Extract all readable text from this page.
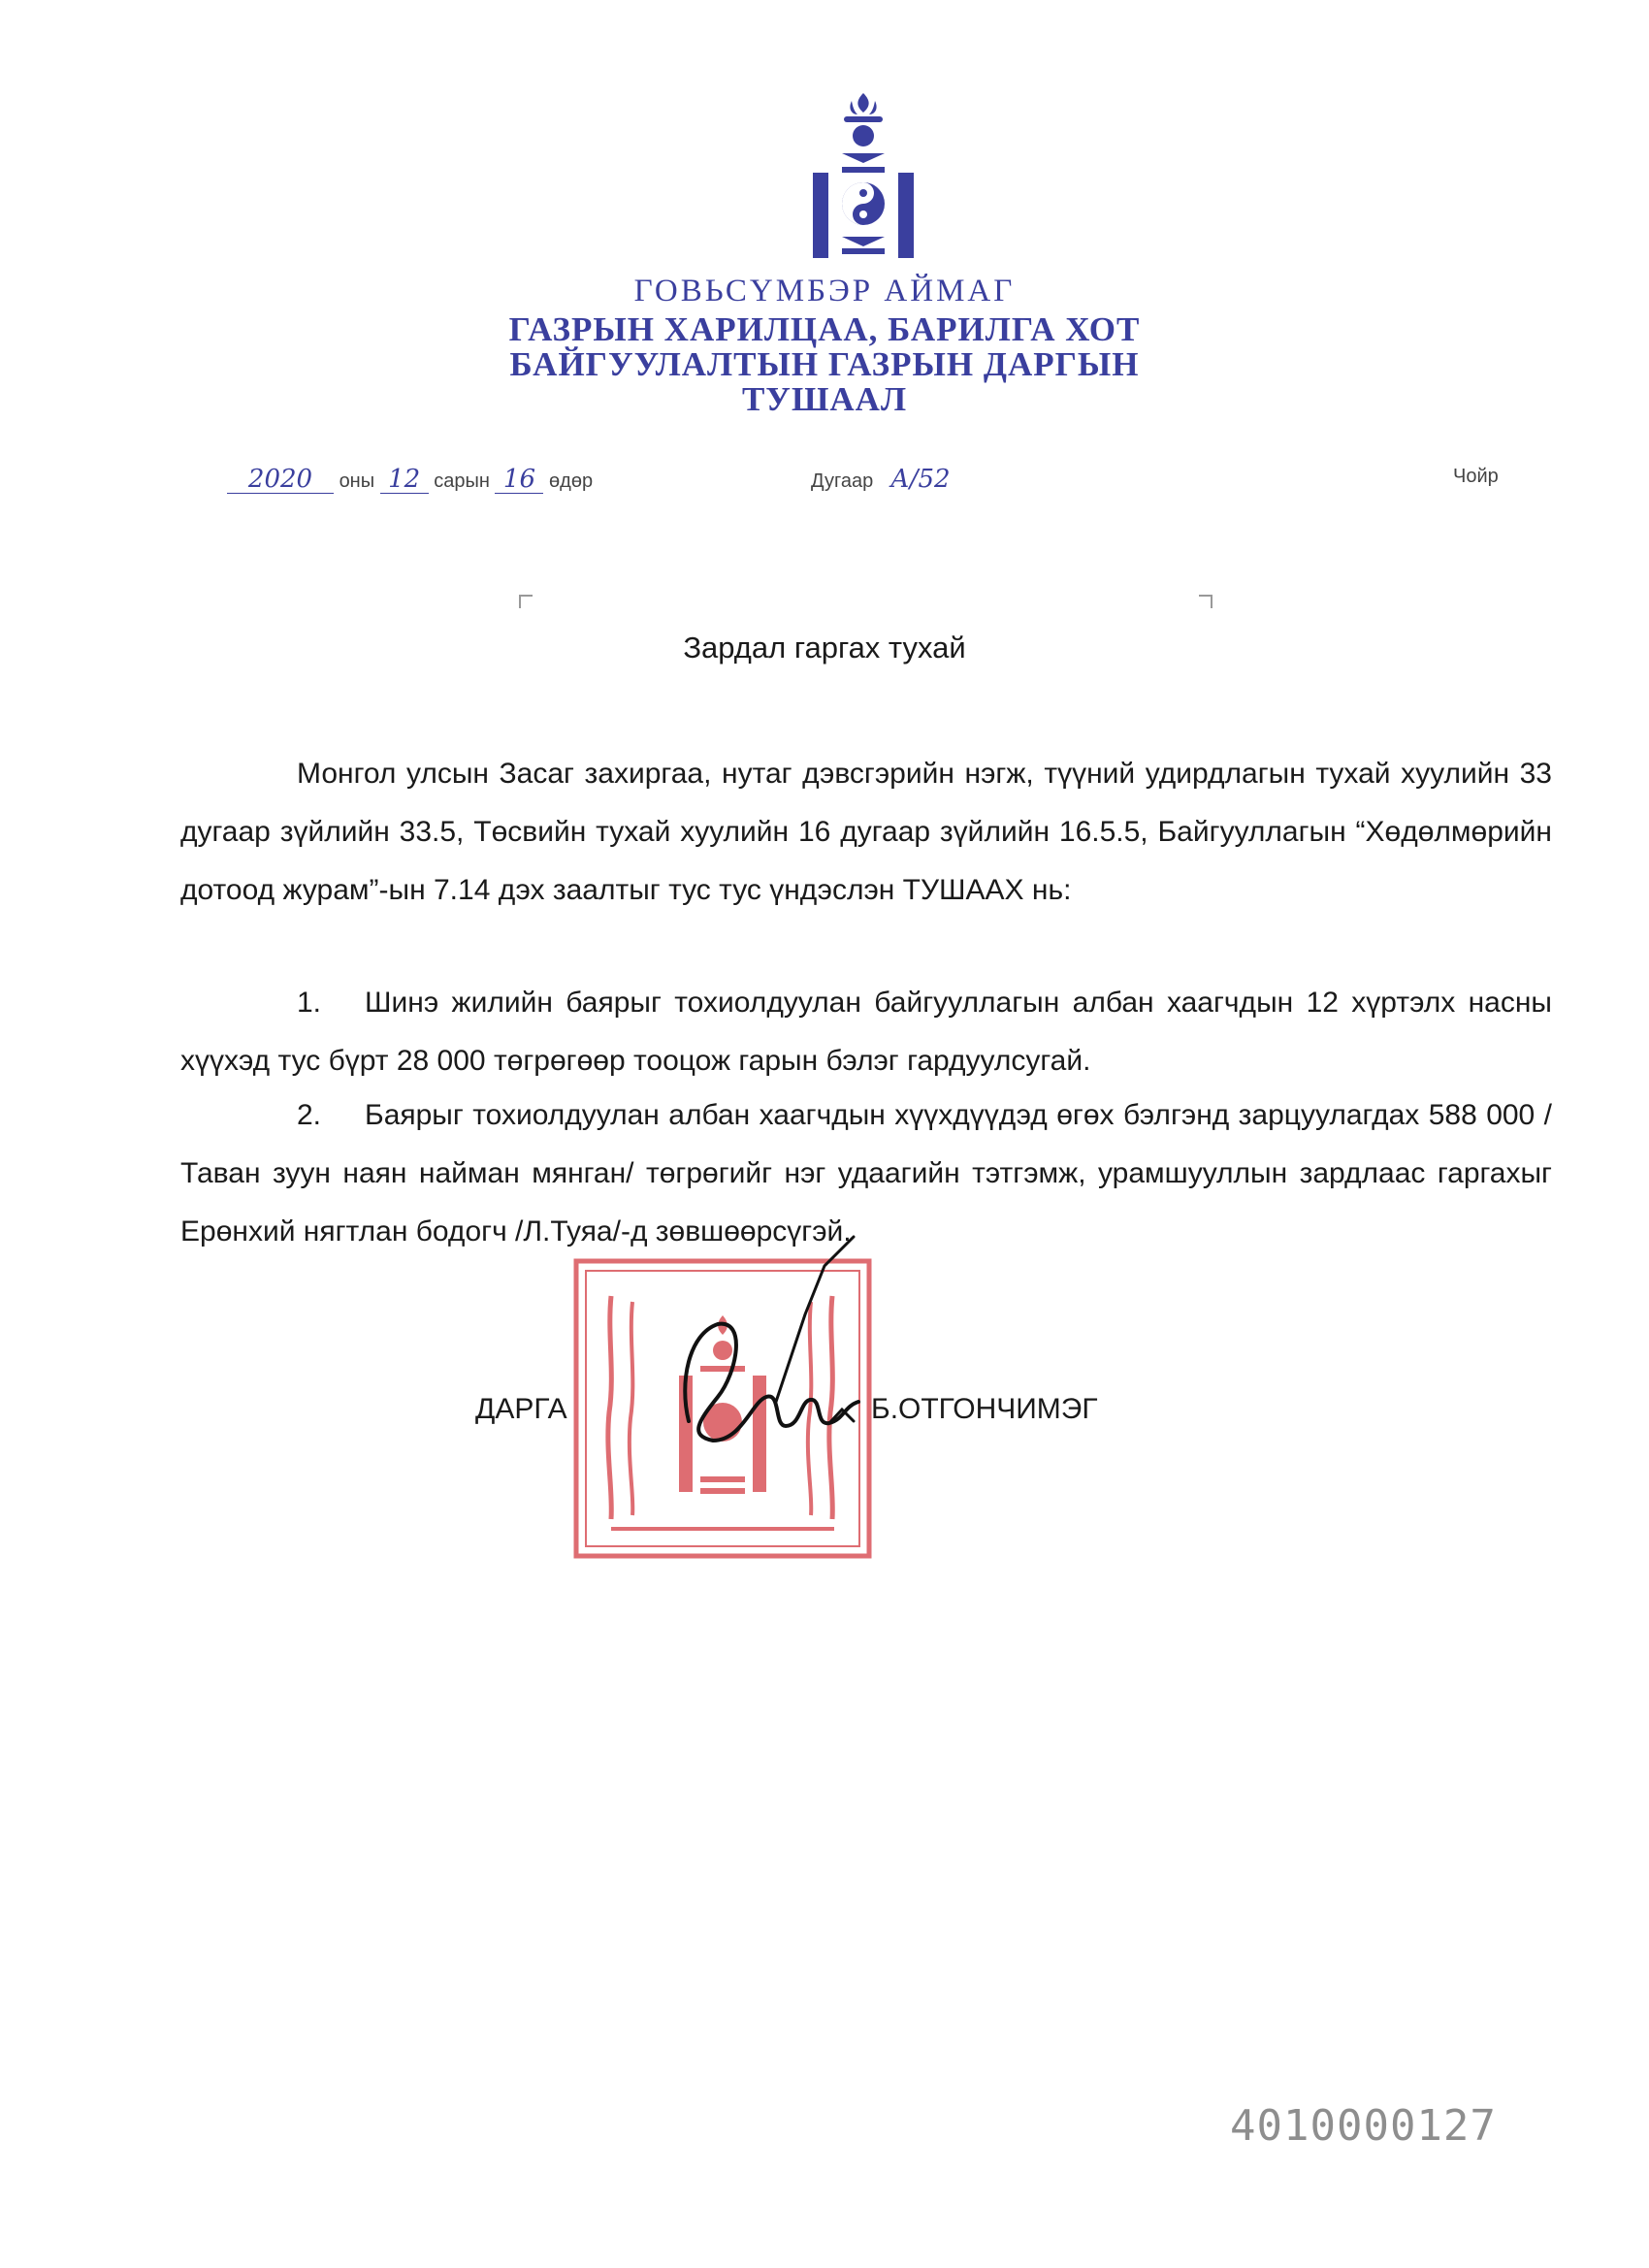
ГОВЬСҮМБЭР АЙМАГ
ГАЗРЫН ХАРИЛЦАА, БАРИЛГА ХОТ
БАЙГУУЛАЛТЫН ГАЗРЫН ДАРГЫН
ТУШААЛ
2020 оны 12 сарын 16 өдөр	Дугаар А/52	Чойр
Зардал гаргах тухай

Монгол улсын Засаг захиргаа, нутаг дэвсгэрийн нэгж, түүний удирдлагын тухай хуулийн 33 дугаар зүйлийн 33.5, Төсвийн тухай хуулийн 16 дугаар зүйлийн 16.5.5, Байгууллагын “Хөдөлмөрийн дотоод журам”-ын 7.14 дэх заалтыг тус тус үндэслэн ТУШААХ нь:

1. Шинэ жилийн баярыг тохиолдуулан байгууллагын албан хаагчдын 12 хүртэлх насны хүүхэд тус бүрт 28 000 төгрөгөөр тооцож гарын бэлэг гардуулсугай.

2. Баярыг тохиолдуулан албан хаагчдын хүүхдүүдэд өгөх бэлгэнд зарцуулагдах 588 000 /Таван зуун наян найман мянган/ төгрөгийг нэг удаагийн тэтгэмж, урамшууллын зардлаас гаргахыг Ерөнхий нягтлан бодогч /Л.Туяа/-д зөвшөөрсүгэй.

ДАРГА	Б.ОТГОНЧИМЭГ
4010000127
